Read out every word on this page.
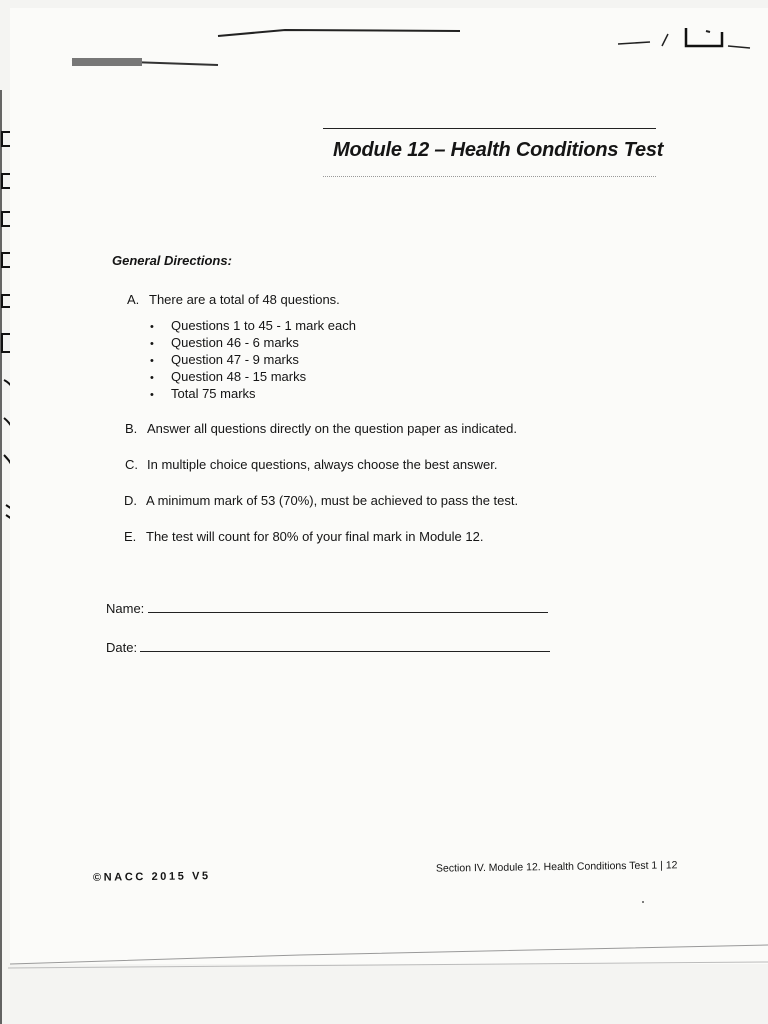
Module 12 – Health Conditions Test
General Directions:
A. There are a total of 48 questions.
• Questions 1 to 45 - 1 mark each
• Question 46 - 6 marks
• Question 47 - 9 marks
• Question 48 - 15 marks
• Total 75 marks
B. Answer all questions directly on the question paper as indicated.
C. In multiple choice questions, always choose the best answer.
D. A minimum mark of 53 (70%), must be achieved to pass the test.
E. The test will count for 80% of your final mark in Module 12.
Name:
Date:
©NACC 2015 V5
Section IV. Module 12. Health Conditions Test 1 | 12
